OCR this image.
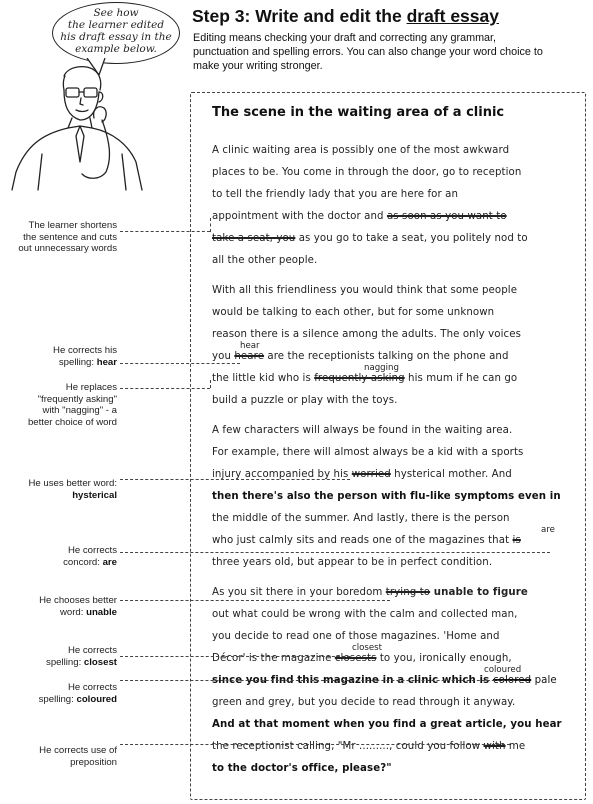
See how
the learner edited
his draft essay in the
example below.
Step 3: Write and edit the draft essay
Editing means checking your draft and correcting any grammar,
punctuation and spelling errors. You can also change your word choice to
make your writing stronger.
The scene in the waiting area of a clinic
A clinic waiting area is possibly one of the most awkward
places to be. You come in through the door, go to reception
to tell the friendly lady that you are here for an
appointment with the doctor and as soon as you want to
take a seat, you as you go to take a seat, you politely nod to
all the other people.
With all this friendliness you would think that some people
would be talking to each other, but for some unknown
reason there is a silence among the adults. The only voices
hear
you heare are the receptionists talking on the phone and
nagging
the little kid who is frequently asking his mum if he can go
build a puzzle or play with the toys.
A few characters will always be found in the waiting area.
For example, there will almost always be a kid with a sports
injury accompanied by his worried hysterical mother. And
then there's also the person with flu-like symptoms even in
the middle of the summer. And lastly, there is the person
are
who just calmly sits and reads one of the magazines that is
three years old, but appear to be in perfect condition.
As you sit there in your boredom trying to unable to figure
out what could be wrong with the calm and collected man,
you decide to read one of those magazines. 'Home and
closest
Décor' is the magazine closests to you, ironically enough,
coloured
since you find this magazine in a clinic which is colored pale
green and grey, but you decide to read through it anyway.
And at that moment when you find a great article, you hear
the receptionist calling, "Mr ........., could you follow with me
to the doctor's office, please?"
The learner shortens
the sentence and cuts
out unnecessary words
He corrects his
spelling: hear
He replaces
"frequently asking"
with "nagging" - a
better choice of word
He uses better word:
hysterical
He corrects
concord: are
He chooses better
word: unable
He corrects
spelling: closest
He corrects
spelling: coloured
He corrects use of
preposition
